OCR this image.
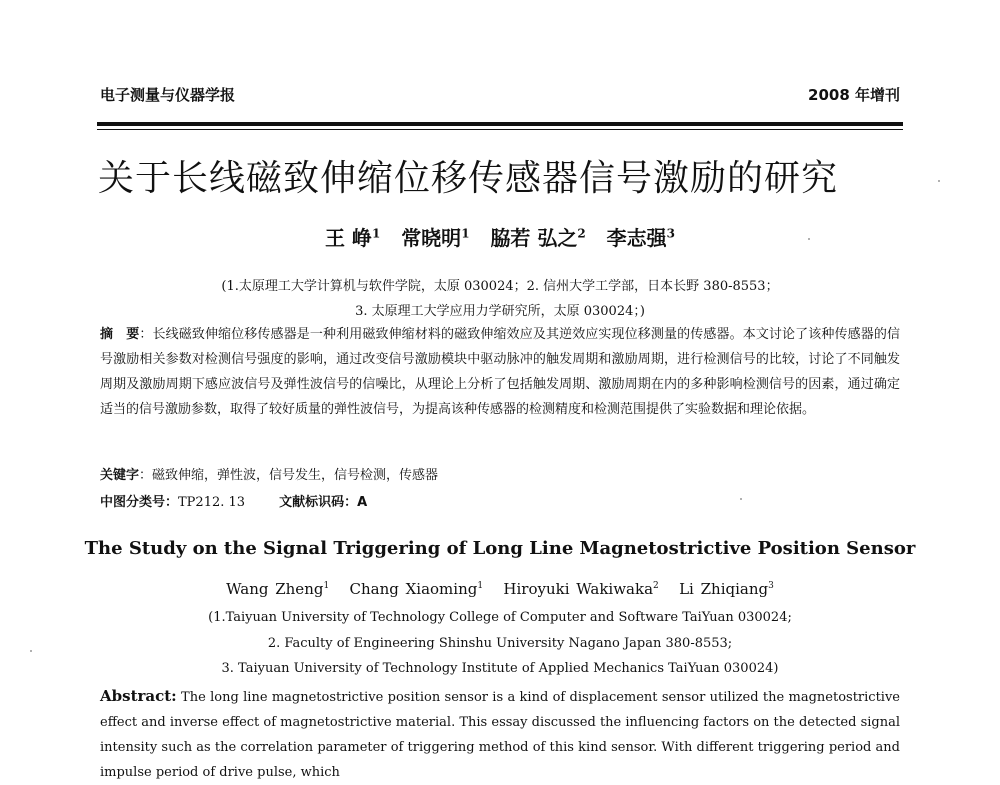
电子测量与仪器学报	2008 年增刊
关于长线磁致伸缩位移传感器信号激励的研究
王 峥$^1$ 常晓明$^1$ 脇若 弘之$^2$ 李志强$^3$
(1.太原理工大学计算机与软件学院，太原 030024；2. 信州大学工学部，日本长野 380-8553；
3. 太原理工大学应用力学研究所，太原 030024；)
摘　要：长线磁致伸缩位移传感器是一种利用磁致伸缩材料的磁致伸缩效应及其逆效应实现位移测量的传感器。本文讨论了该种传感器的信号激励相关参数对检测信号强度的影响，通过改变信号激励模块中驱动脉冲的触发周期和激励周期，进行检测信号的比较，讨论了不同触发周期及激励周期下感应波信号及弹性波信号的信噪比，从理论上分析了包括触发周期、激励周期在内的多种影响检测信号的因素，通过确定适当的信号激励参数，取得了较好质量的弹性波信号，为提高该种传感器的检测精度和检测范围提供了实验数据和理论依据。
关键字：磁致伸缩，弹性波，信号发生，信号检测，传感器
中图分类号：TP212. 13	文献标识码：A
The Study on the Signal Triggering of Long Line Magnetostrictive Position Sensor
Wang Zheng$^1$ Chang Xiaoming$^1$ Hiroyuki Wakiwaka$^2$ Li Zhiqiang$^3$
(1.Taiyuan University of Technology College of Computer and Software TaiYuan 030024;
2. Faculty of Engineering Shinshu University Nagano Japan 380-8553;
3. Taiyuan University of Technology Institute of Applied Mechanics TaiYuan 030024)
Abstract: The long line magnetostrictive position sensor is a kind of displacement sensor utilized the magnetostrictive effect and inverse effect of magnetostrictive material. This essay discussed the influencing factors on the detected signal intensity such as the correlation parameter of triggering method of this kind sensor. With different triggering period and impulse period of drive pulse, which
